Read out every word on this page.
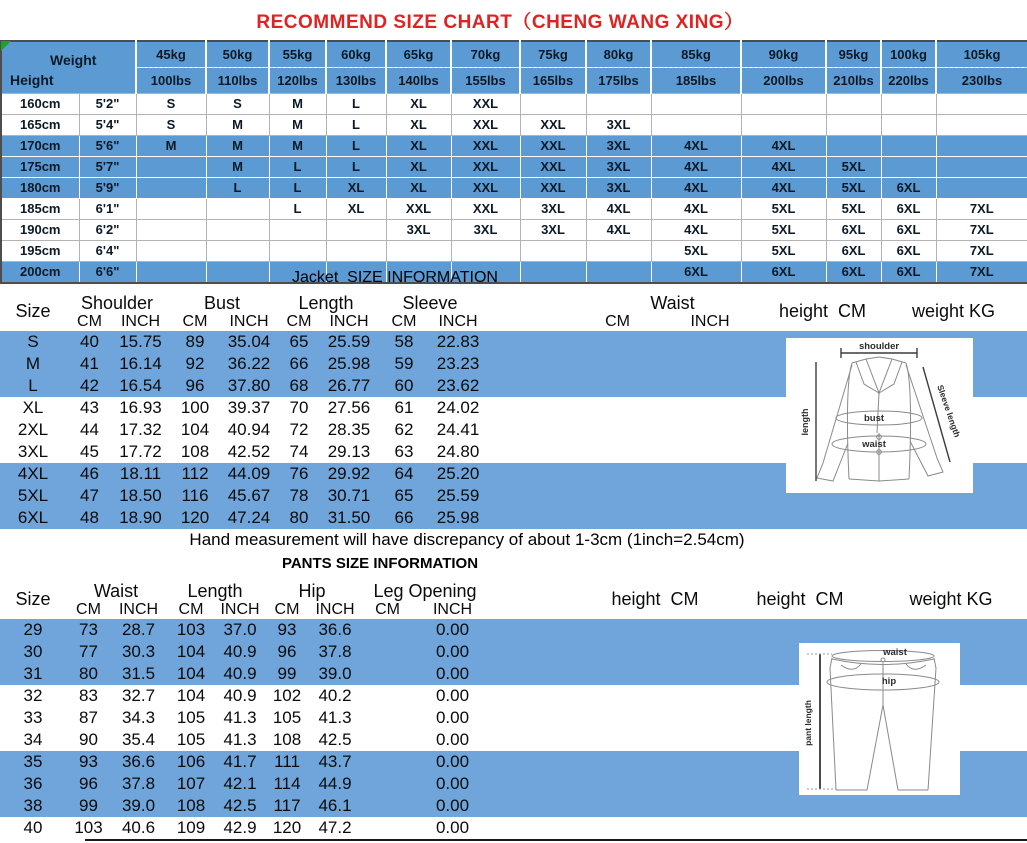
RECOMMEND SIZE CHART（CHENG WANG XING）
Weight
Height		45kg	50kg	55kg	60kg	65kg	70kg	75kg	80kg	85kg	90kg	95kg	100kg	105kg
		100lbs	110lbs	120lbs	130lbs	140lbs	155lbs	165lbs	175lbs	185lbs	200lbs	210lbs	220lbs	230lbs
160cm	5'2"	S	S	M	L	XL	XXL							
165cm	5'4"	S	M	M	L	XL	XXL	XXL	3XL					
170cm	5'6"	M	M	M	L	XL	XXL	XXL	3XL	4XL	4XL			
175cm	5'7"		M	L	L	XL	XXL	XXL	3XL	4XL	4XL	5XL		
180cm	5'9"		L	L	XL	XL	XXL	XXL	3XL	4XL	4XL	5XL	6XL	
185cm	6'1"			L	XL	XXL	XXL	3XL	4XL	4XL	5XL	5XL	6XL	7XL
190cm	6'2"					3XL	3XL	3XL	4XL	4XL	5XL	6XL	6XL	7XL
195cm	6'4"									5XL	5XL	6XL	6XL	7XL
200cm	6'6"									6XL	6XL	6XL	6XL	7XL
Jacket  SIZE INFORMATION
Size	Shoulder		Bust		Length		Sleeve			Waist		height  CM	weight KG
	CM	INCH	CM	INCH	CM	INCH	CM	INCH		CM	INCH		
S	40	15.75	89	35.04	65	25.59	58	22.83					
M	41	16.14	92	36.22	66	25.98	59	23.23					
L	42	16.54	96	37.80	68	26.77	60	23.62					
XL	43	16.93	100	39.37	70	27.56	61	24.02					
2XL	44	17.32	104	40.94	72	28.35	62	24.41					
3XL	45	17.72	108	42.52	74	29.13	63	24.80					
4XL	46	18.11	112	44.09	76	29.92	64	25.20					
5XL	47	18.50	116	45.67	78	30.71	65	25.59					
6XL	48	18.90	120	47.24	80	31.50	66	25.98					
Hand measurement will have discrepancy of about 1-3cm (1inch=2.54cm)
PANTS SIZE INFORMATION
Size	Waist		Length		Hip		Leg Opening			height  CM	height  CM	weight KG
	CM	INCH	CM	INCH	CM	INCH	CM	INCH				
29	73	28.7	103	37.0	93	36.6		0.00				
30	77	30.3	104	40.9	96	37.8		0.00				
31	80	31.5	104	40.9	99	39.0		0.00				
32	83	32.7	104	40.9	102	40.2		0.00				
33	87	34.3	105	41.3	105	41.3		0.00				
34	90	35.4	105	41.3	108	42.5		0.00				
35	93	36.6	106	41.7	111	43.7		0.00				
36	96	37.8	107	42.1	114	44.9		0.00				
38	99	39.0	108	42.5	117	46.1		0.00				
40	103	40.6	109	42.9	120	47.2		0.00				
shoulder
length	Sleeve length
bust
waist
waist
hip
pant length
